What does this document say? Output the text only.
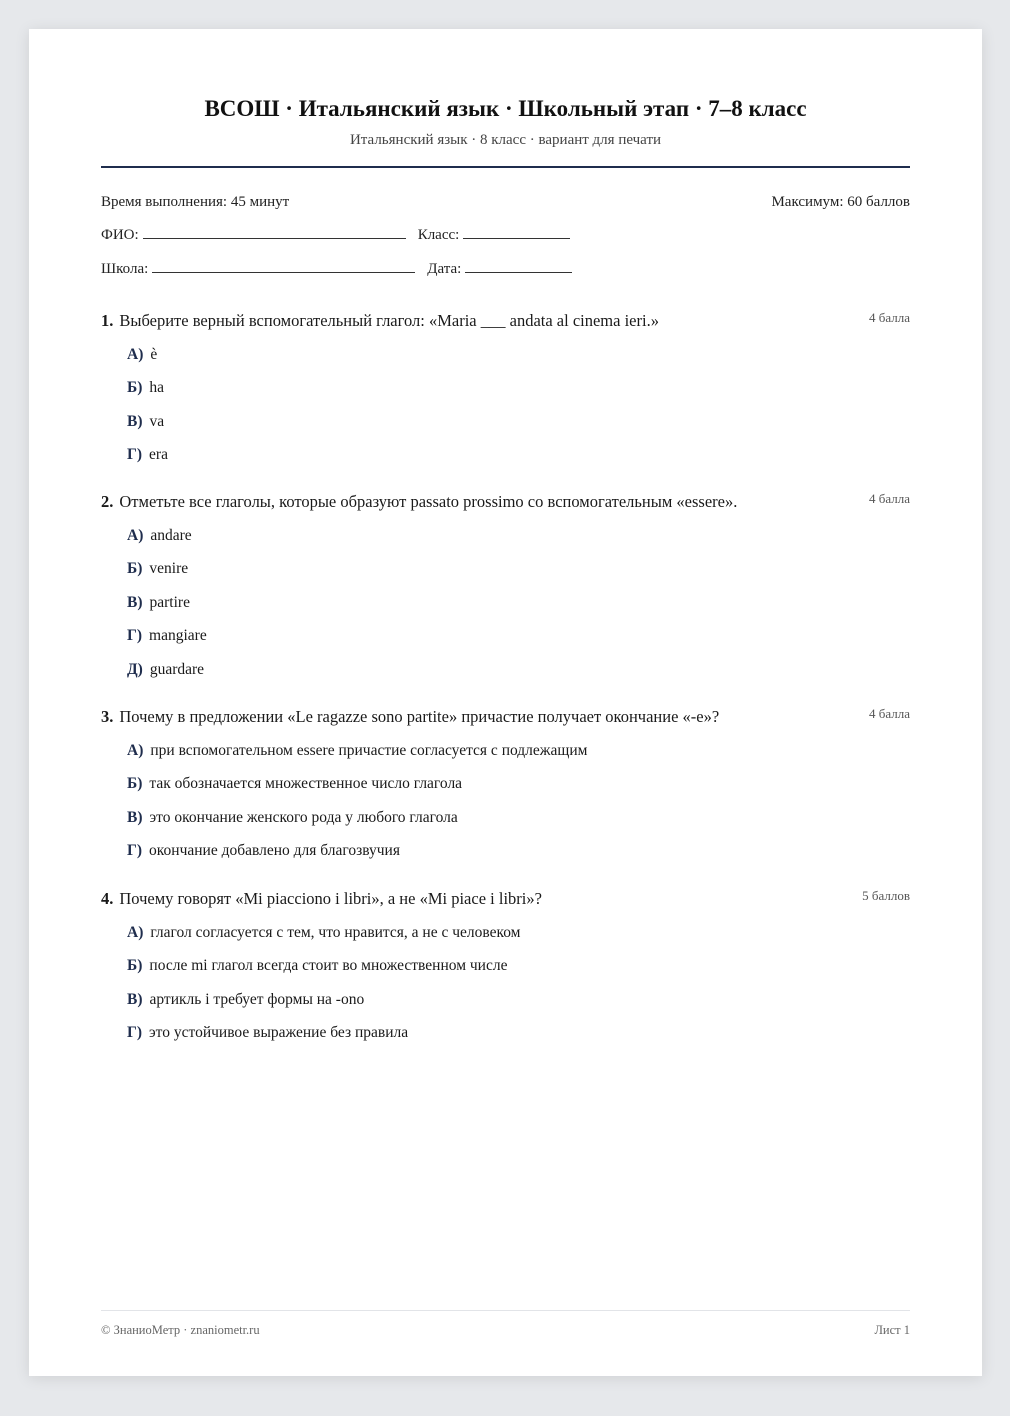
ВСОШ · Итальянский язык · Школьный этап · 7–8 класс
Итальянский язык · 8 класс · вариант для печати
Время выполнения: 45 минут	Максимум: 60 баллов
ФИО:	Класс:
Школа:	Дата:
1. Выберите верный вспомогательный глагол: «Maria ___ andata al cinema ieri.»	4 балла
А) è
Б) ha
В) va
Г) era
2. Отметьте все глаголы, которые образуют passato prossimo со вспомогательным «essere».	4 балла
А) andare
Б) venire
В) partire
Г) mangiare
Д) guardare
3. Почему в предложении «Le ragazze sono partite» причастие получает окончание «-e»?	4 балла
А) при вспомогательном essere причастие согласуется с подлежащим
Б) так обозначается множественное число глагола
В) это окончание женского рода у любого глагола
Г) окончание добавлено для благозвучия
4. Почему говорят «Mi piacciono i libri», а не «Mi piace i libri»?	5 баллов
А) глагол согласуется с тем, что нравится, а не с человеком
Б) после mi глагол всегда стоит во множественном числе
В) артикль i требует формы на -ono
Г) это устойчивое выражение без правила
© ЗнаниоМетр · znaniometr.ru	Лист 1
